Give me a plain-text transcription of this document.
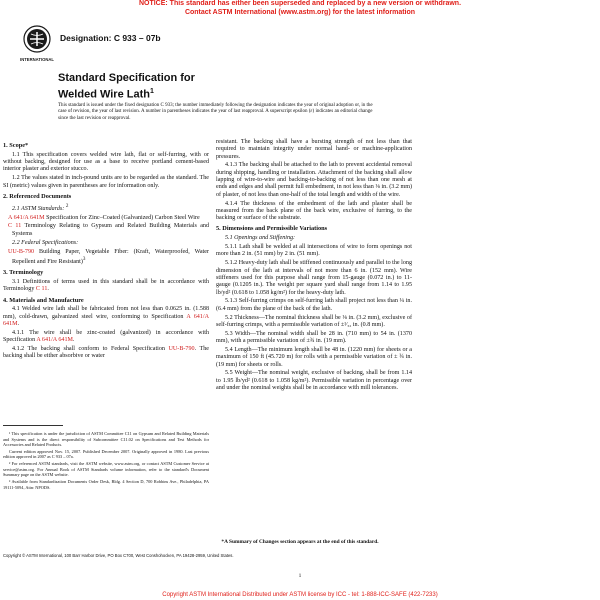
NOTICE: This standard has either been superseded and replaced by a new version or withdrawn.
Contact ASTM International (www.astm.org) for the latest information
INTERNATIONAL
Designation: C 933 – 07b
Standard Specification for
Welded Wire Lath$^1$
This standard is issued under the fixed designation C 933; the number immediately following the designation indicates the year of original adoption or, in the case of revision, the year of last revision. A number in parentheses indicates the year of last reapproval. A superscript epsilon (ε) indicates an editorial change since the last revision or reapproval.
1. Scope*

1.1 This specification covers welded wire lath, flat or self-furring, with or without backing, designed for use as a base to receive portland cement-based interior plaster and exterior stucco.

1.2 The values stated in inch-pound units are to be regarded as the standard. The SI (metric) values given in parentheses are for information only.

2. Referenced Documents

2.1 ASTM Standards: $^2$

A 641/A 641M Specification for Zinc–Coated (Galvanized) Carbon Steel Wire

C 11 Terminology Relating to Gypsum and Related Building Materials and Systems

2.2 Federal Specifications:

UU-B-790 Building Paper, Vegetable Fiber: (Kraft, Waterproofed, Water Repellent and Fire Resistant)$^3$

3. Terminology

3.1 Definitions of terms used in this standard shall be in accordance with Terminology C 11.

4. Materials and Manufacture

4.1 Welded wire lath shall be fabricated from not less than 0.0625 in. (1.588 mm), cold-drawn, galvanized steel wire, conforming to Specification A 641/A 641M.

4.1.1 The wire shall be zinc-coated (galvanized) in accordance with Specification A 641/A 641M.

4.1.2 The backing shall conform to Federal Specification UU-B-790. The backing shall be either absorbive or water

resistant. The backing shall have a bursting strength of not less than that required to maintain integrity under normal hand- or machine-application pressures.

4.1.3 The backing shall be attached to the lath to prevent accidental removal during shipping, handling or installation. Attachment of the backing shall allow lapping of wire-to-wire and backing-to-backing of not less than one mesh at ends and edges and shall permit full embedment, in not less than ⅛ in. (3.2 mm) of plaster, of not less than one-half of the total length and width of the wire.

4.1.4 The thickness of the embedment of the lath and plaster shall be measured from the back plane of the back wire, exclusive of furring, to the backing or surface of the substrate.

5. Dimensions and Permissible Variations

5.1 Openings and Stiffening:

5.1.1 Lath shall be welded at all intersections of wire to form openings not more than 2 in. (51 mm) by 2 in. (51 mm).

5.1.2 Heavy-duty lath shall be stiffened continuously and parallel to the long dimension of the lath at intervals of not more than 6 in. (152 mm). Wire stiffeners used for this purpose shall range from 15-gauge (0.072 in.) to 11-gauge (0.1205 in.). The weight per square yard shall range from 1.14 to 1.95 lb/yd² (0.618 to 1.058 kg/m²) for the heavy-duty lath.

5.1.3 Self-furring crimps on self-furring lath shall project not less than ¼ in. (6.4 mm) from the plane of the back of the lath.

5.2 Thickness—The nominal thickness shall be ⅛ in. (3.2 mm), exclusive of self-furring crimps, with a permissible variation of ±¹⁄₃₂ in. (0.8 mm).

5.3 Width—The nominal width shall be 28 in. (710 mm) to 54 in. (1370 mm), with a permissible variation of ±¾ in. (19 mm).

5.4 Length—The minimum length shall be 48 in. (1220 mm) for sheets or a maximum of 150 ft (45.720 m) for rolls with a permissible variation of ± ¾ in. (19 mm) for sheets or rolls.

5.5 Weight—The nominal weight, exclusive of backing, shall be from 1.14 to 1.95 lb/yd² (0.618 to 1.058 kg/m²). Permissible variation in percentage over and under the nominal weights shall be in accordance with mill tolerances.

¹ This specification is under the jurisdiction of ASTM Committee C11 on Gypsum and Related Building Materials and Systems and is the direct responsibility of Subcommittee C11.02 on Specifications and Test Methods for Accessories and Related Products.

Current edition approved Nov. 15, 2007. Published December 2007. Originally approved in 1980. Last previous edition approved in 2007 as C 933 – 07a.

² For referenced ASTM standards, visit the ASTM website, www.astm.org, or contact ASTM Customer Service at service@astm.org. For Annual Book of ASTM Standards volume information, refer to the standard's Document Summary page on the ASTM website.

³ Available from Standardization Documents Order Desk, Bldg. 4 Section D, 700 Robbins Ave., Philadelphia, PA 19111-5094, Attn: NPODS.

*A Summary of Changes section appears at the end of this standard.
Copyright © ASTM International, 100 Barr Harbor Drive, PO Box C700, West Conshohocken, PA 19428-2959, United States.
1
Copyright ASTM International Distributed under ASTM license by ICC - tel: 1-888-ICC-SAFE (422-7233)
